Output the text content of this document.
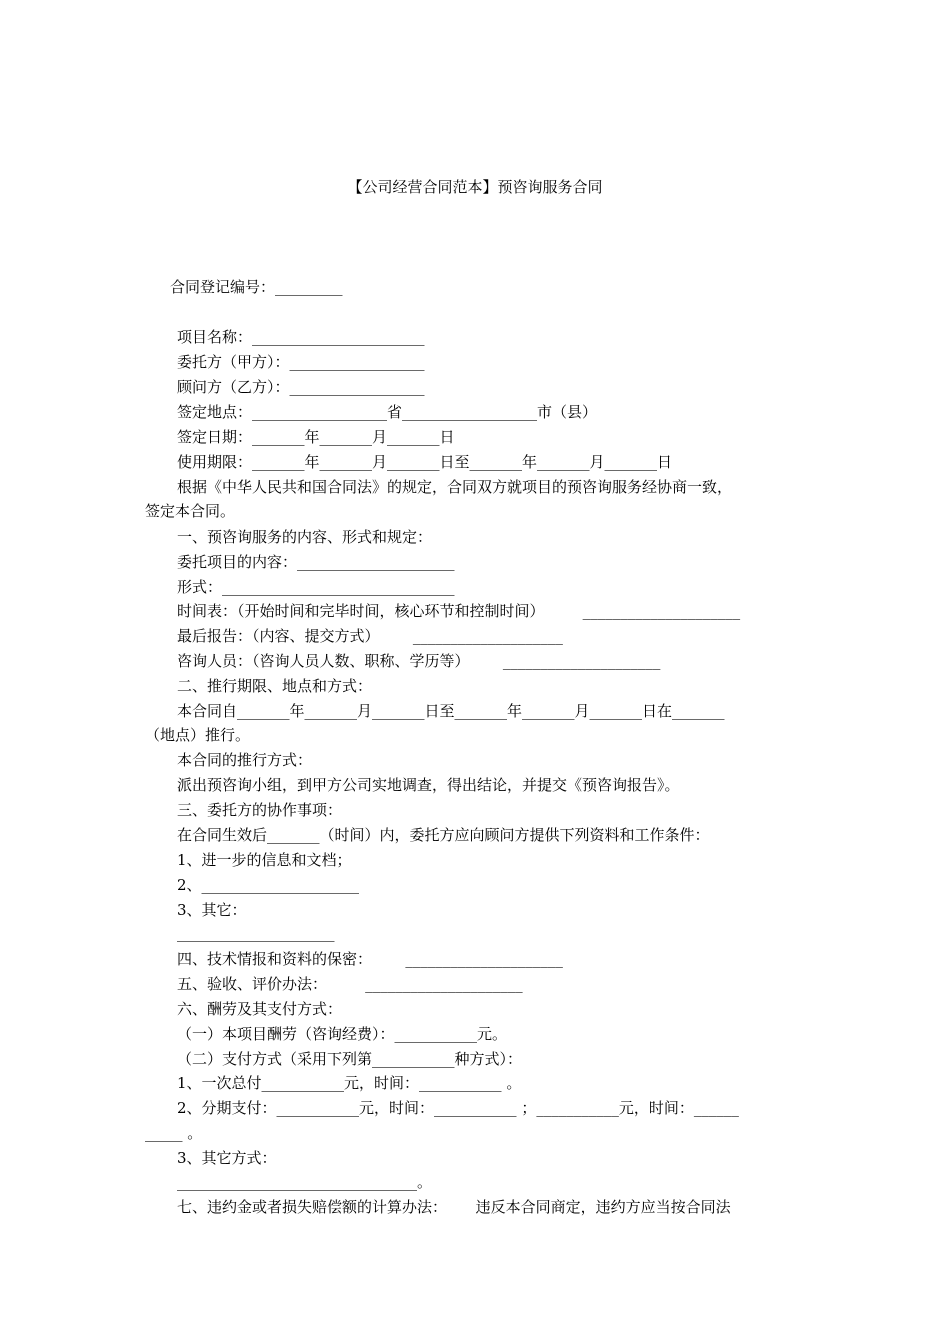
【公司经营合同范本】预咨询服务合同
合同登记编号：_________
项目名称：_______________________
委托方（甲方）：__________________
顾问方（乙方）：__________________
签定地点：__________________省__________________市（县）
签定日期：_______年_______月_______日
使用期限：_______年_______月_______日至_______年_______月_______日
根据《中华人民共和国合同法》的规定，合同双方就项目的预咨询服务经协商一致，
签定本合同。
一、预咨询服务的内容、形式和规定：
委托项目的内容：_____________________
形式：_______________________________
时间表：（开始时间和完毕时间，核心环节和控制时间）        _____________________
最后报告：（内容、提交方式）       ____________________
咨询人员：（咨询人员人数、职称、学历等）       _____________________
二、推行期限、地点和方式：
本合同自_______年_______月_______日至_______年_______月_______日在_______
（地点）推行。
本合同的推行方式：
派出预咨询小组，到甲方公司实地调查，得出结论，并提交《预咨询报告》。
三、委托方的协作事项：
在合同生效后_______（时间）内，委托方应向顾问方提供下列资料和工作条件：
1、进一步的信息和文档；
2、_____________________
3、其它：
_____________________
四、技术情报和资料的保密：       _____________________
五、验收、评价办法：        _____________________
六、酬劳及其支付方式：
（一）本项目酬劳（咨询经费）：___________元。
（二）支付方式（采用下列第___________种方式）：
1、一次总付___________元，时间：___________ 。
2、分期支付：___________元，时间：___________ ；___________元，时间：______
_____ 。
3、其它方式：
________________________________。
七、违约金或者损失赔偿额的计算办法：      违反本合同商定，违约方应当按合同法
